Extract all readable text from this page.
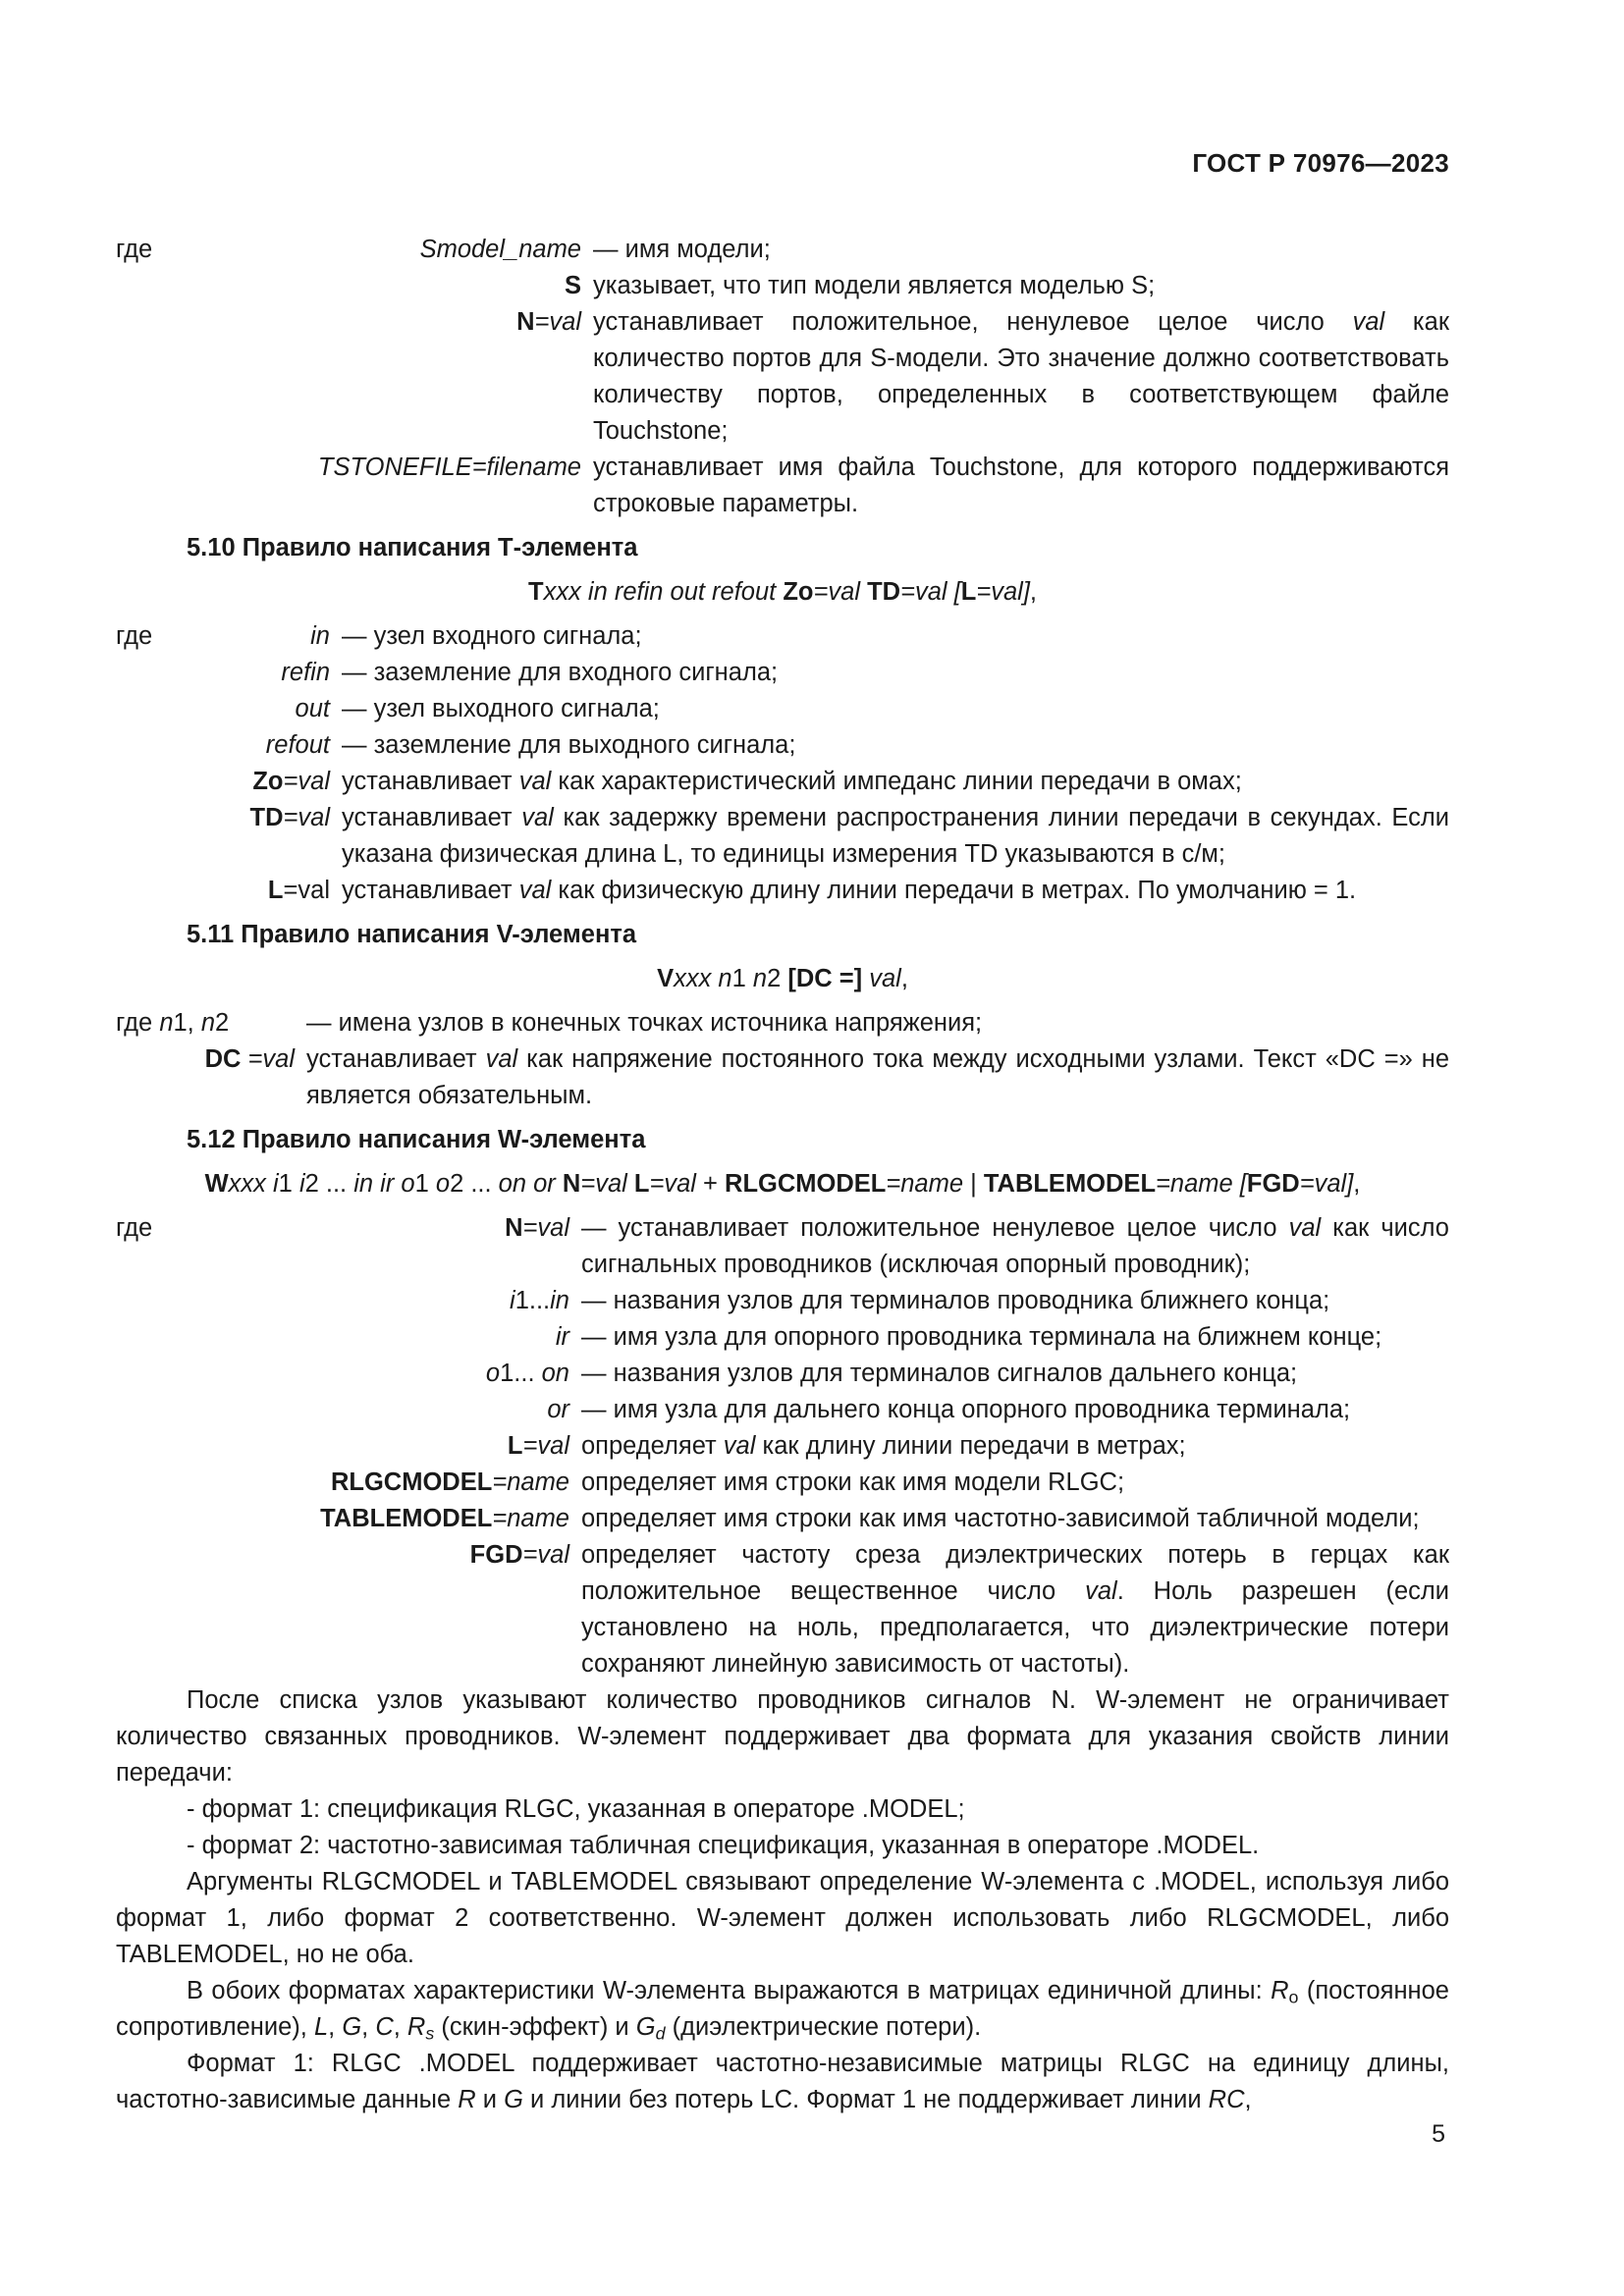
ГОСТ Р 70976—2023
где	Smodel_name — имя модели;
S указывает, что тип модели является моделью S;
N=val устанавливает положительное, ненулевое целое число val как количество портов для S-модели. Это значение должно соответствовать количеству портов, определенных в соответствующем файле Touchstone;
TSTONEFILE=filename устанавливает имя файла Touchstone, для которого поддерживаются строковые параметры.
5.10 Правило написания Т-элемента
Txxx in refin out refout Zo=val TD=val [L=val],
где	in — узел входного сигнала;
refin — заземление для входного сигнала;
out — узел выходного сигнала;
refout — заземление для выходного сигнала;
Zo=val устанавливает val как характеристический импеданс линии передачи в омах;
TD=val устанавливает val как задержку времени распространения линии передачи в секундах. Если указана физическая длина L, то единицы измерения TD указываются в с/м;
L=val устанавливает val как физическую длину линии передачи в метрах. По умолчанию = 1.
5.11 Правило написания V-элемента
Vxxx n1 n2 [DC =] val,
где n1, n2	— имена узлов в конечных точках источника напряжения;
DC =val устанавливает val как напряжение постоянного тока между исходными узлами. Текст «DC =» не является обязательным.
5.12 Правило написания W-элемента
Wxxx i1 i2 ... in ir o1 o2 ... on or N=val L=val + RLGCMODEL=name | TABLEMODEL=name [FGD=val],
где	N=val — устанавливает положительное ненулевое целое число val как число сигнальных проводников (исключая опорный проводник);
i1...in — названия узлов для терминалов проводника ближнего конца;
ir — имя узла для опорного проводника терминала на ближнем конце;
o1... on — названия узлов для терминалов сигналов дальнего конца;
or — имя узла для дальнего конца опорного проводника терминала;
L=val определяет val как длину линии передачи в метрах;
RLGCMODEL=name определяет имя строки как имя модели RLGC;
TABLEMODEL=name определяет имя строки как имя частотно-зависимой табличной модели;
FGD=val определяет частоту среза диэлектрических потерь в герцах как положительное вещественное число val. Ноль разрешен (если установлено на ноль, предполагается, что диэлектрические потери сохраняют линейную зависимость от частоты).

После списка узлов указывают количество проводников сигналов N. W-элемент не ограничивает количество связанных проводников. W-элемент поддерживает два формата для указания свойств линии передачи:

- формат 1: спецификация RLGC, указанная в операторе .MODEL;

- формат 2: частотно-зависимая табличная спецификация, указанная в операторе .MODEL.

Аргументы RLGCMODEL и TABLEMODEL связывают определение W-элемента с .MODEL, используя либо формат 1, либо формат 2 соответственно. W-элемент должен использовать либо RLGCMODEL, либо TABLEMODEL, но не оба.

В обоих форматах характеристики W-элемента выражаются в матрицах единичной длины: $R_o$ (постоянное сопротивление), L, G, C, $R_s$ (скин-эффект) и $G_d$ (диэлектрические потери).

Формат 1: RLGC .MODEL поддерживает частотно-независимые матрицы RLGC на единицу длины, частотно-зависимые данные R и G и линии без потерь LC. Формат 1 не поддерживает линии RC,

5
